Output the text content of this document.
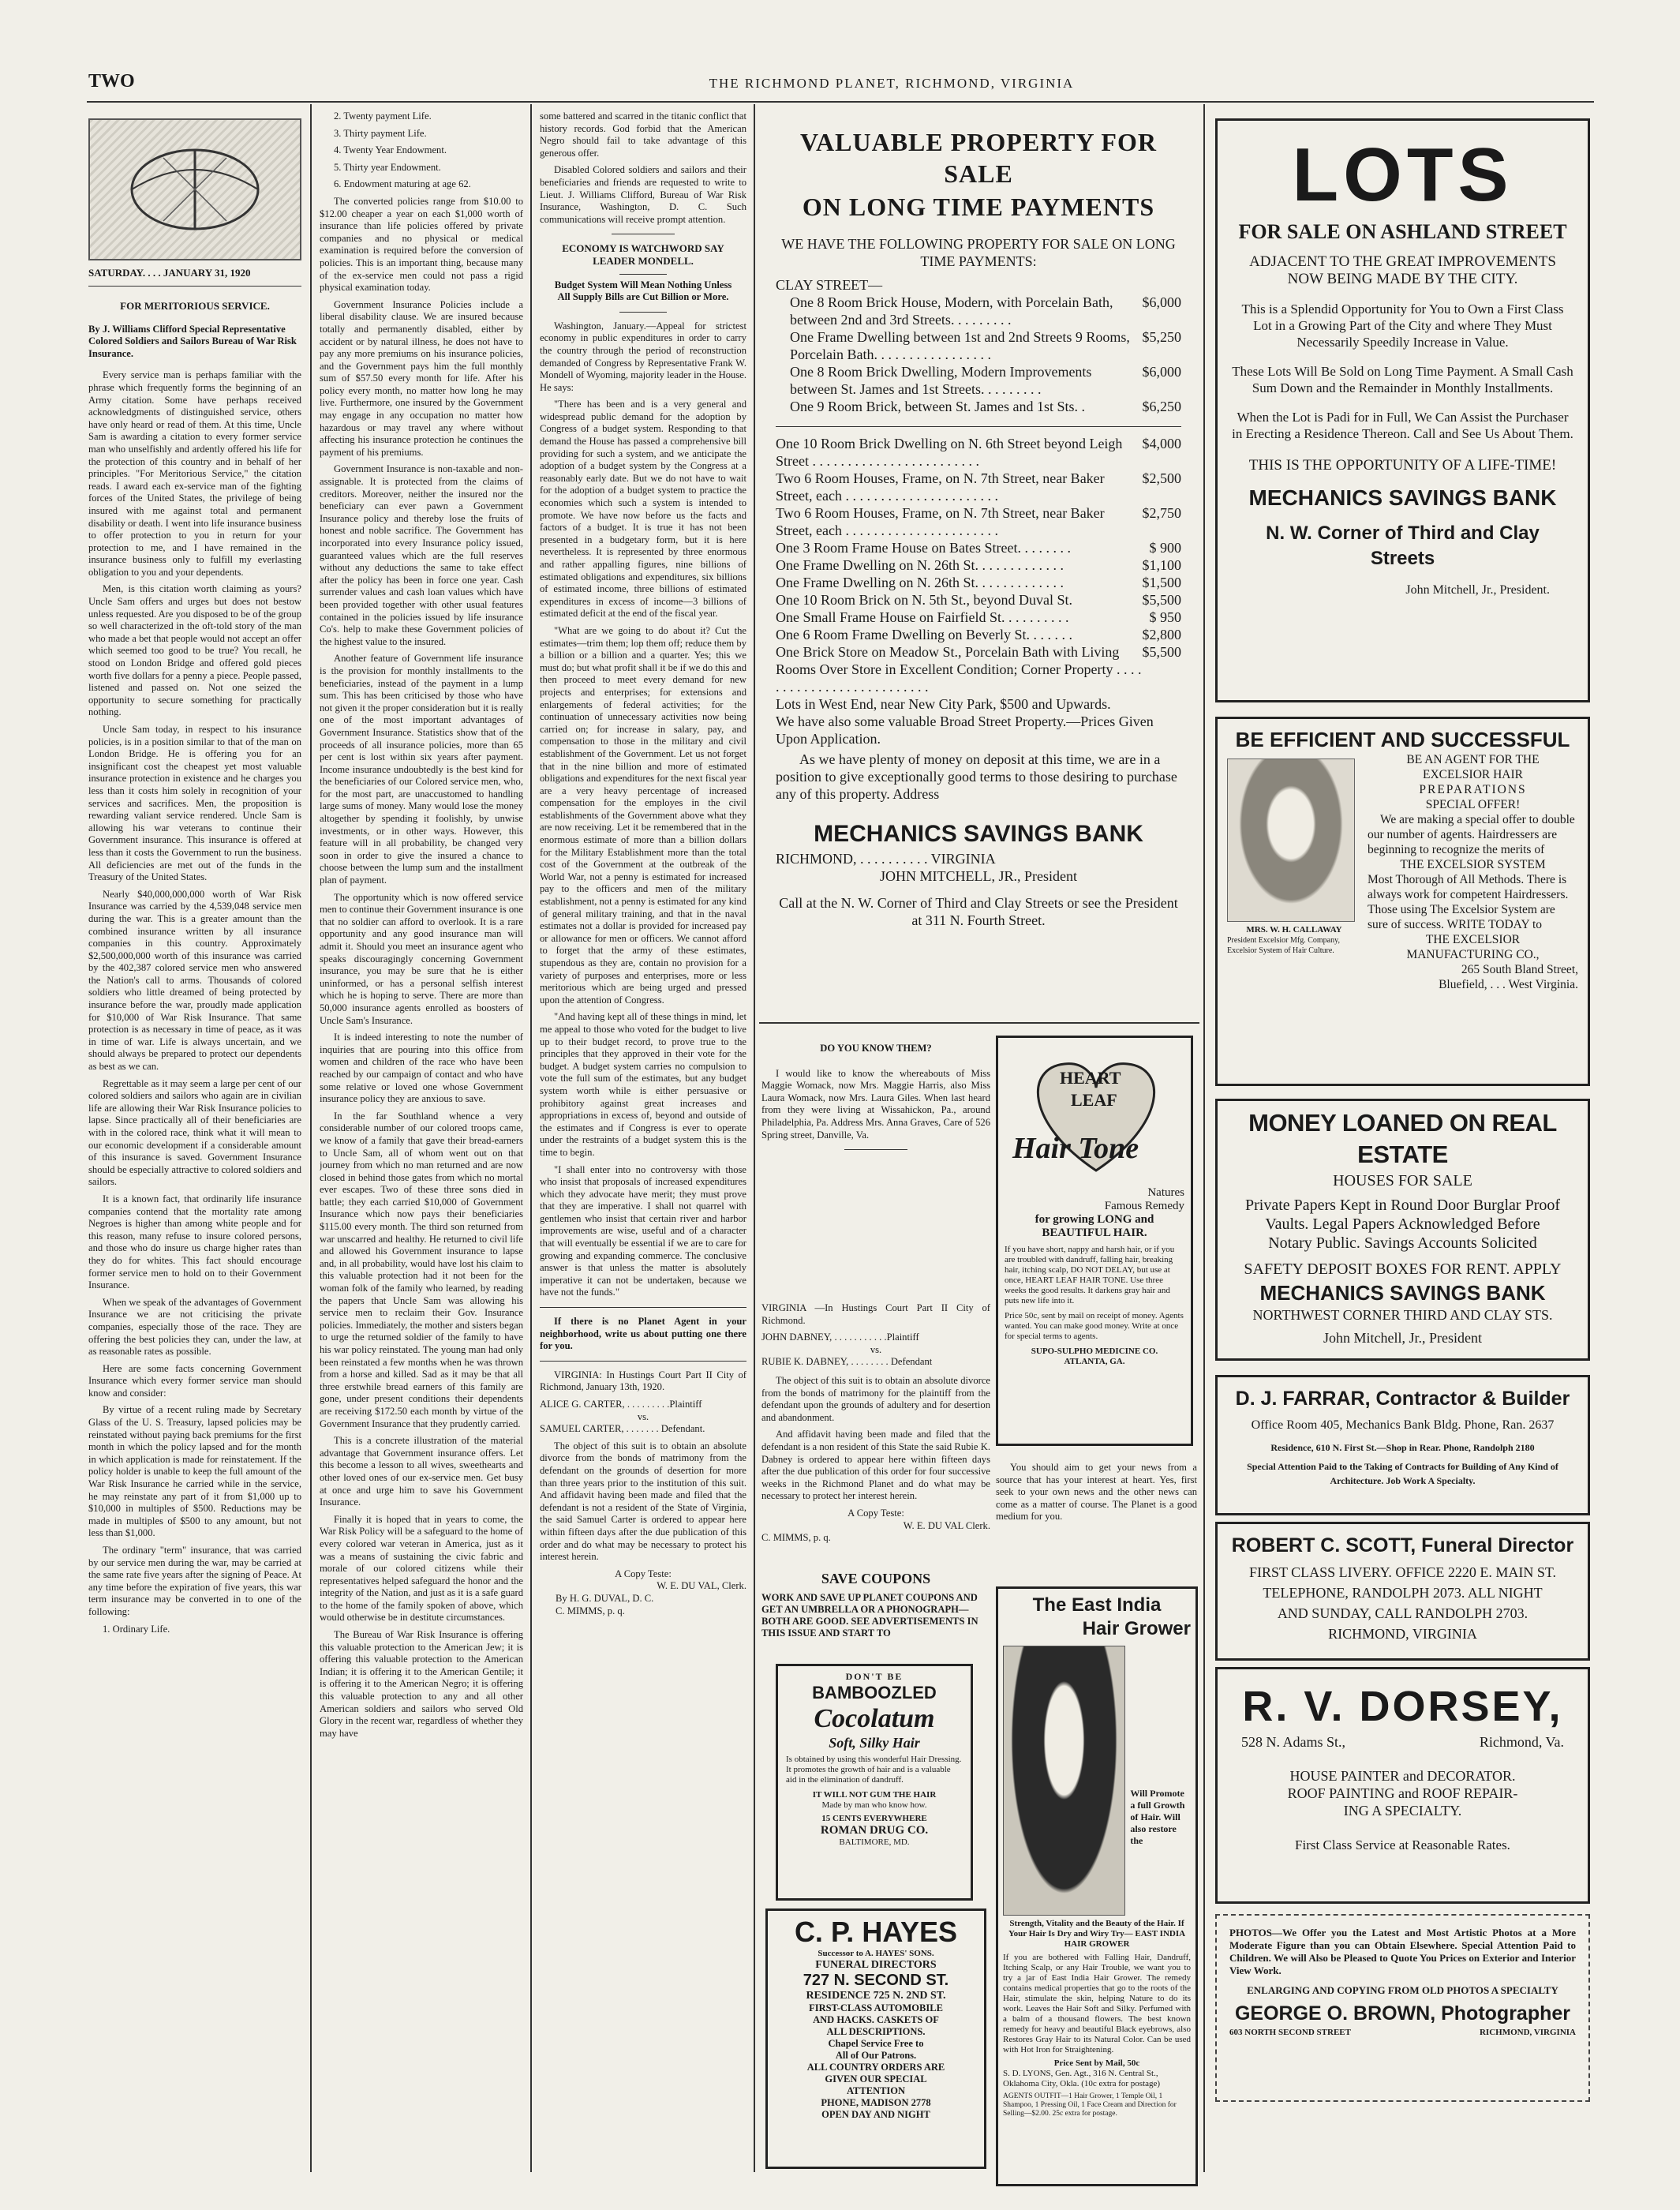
TWO	THE RICHMOND PLANET, RICHMOND, VIRGINIA
SATURDAY. . . . JANUARY 31, 1920
FOR MERITORIOUS SERVICE.
By J. Williams Clifford Special Representative Colored Soldiers and Sailors Bureau of War Risk Insurance.

Every service man is perhaps familiar with the phrase which frequently forms the beginning of an Army citation. Some have perhaps received acknowledgments of distinguished service, others have only heard or read of them. At this time, Uncle Sam is awarding a citation to every former service man who unselfishly and ardently offered his life for the protection of this country and in behalf of her principles. "For Meritorious Service," the citation reads. I award each ex-service man of the fighting forces of the United States, the privilege of being insured with me against total and permanent disability or death. I went into life insurance business to offer protection to you in return for your protection to me, and I have remained in the insurance business only to fulfill my everlasting obligation to you and your dependents.

Men, is this citation worth claiming as yours? Uncle Sam offers and urges but does not bestow unless requested. Are you disposed to be of the group so well characterized in the oft-told story of the man who made a bet that people would not accept an offer which seemed too good to be true? You recall, he stood on London Bridge and offered gold pieces worth five dollars for a penny a piece. People passed, listened and passed on. Not one seized the opportunity to secure something for practically nothing.

Uncle Sam today, in respect to his insurance policies, is in a position similar to that of the man on London Bridge. He is offering you for an insignificant cost the cheapest yet most valuable insurance protection in existence and he charges you less than it costs him solely in recognition of your services and sacrifices. Men, the proposition is rewarding valiant service rendered. Uncle Sam is allowing his war veterans to continue their Government insurance. This insurance is offered at less than it costs the Government to run the business. All deficiencies are met out of the funds in the Treasury of the United States.

Nearly $40,000,000,000 worth of War Risk Insurance was carried by the 4,539,048 service men during the war. This is a greater amount than the combined insurance written by all insurance companies in this country. Approximately $2,500,000,000 worth of this insurance was carried by the 402,387 colored service men who answered the Nation's call to arms. Thousands of colored soldiers who little dreamed of being protected by insurance before the war, proudly made application for $10,000 of War Risk Insurance. That same protection is as necessary in time of peace, as it was in time of war. Life is always uncertain, and we should always be prepared to protect our dependents as best as we can.

Regrettable as it may seem a large per cent of our colored soldiers and sailors who again are in civilian life are allowing their War Risk Insurance policies to lapse. Since practically all of their beneficiaries are with in the colored race, think what it will mean to our economic development if a considerable amount of this insurance is saved. Government Insurance should be especially attractive to colored soldiers and sailors.

It is a known fact, that ordinarily life insurance companies contend that the mortality rate among Negroes is higher than among white people and for this reason, many refuse to insure colored persons, and those who do insure us charge higher rates than they do for whites. This fact should encourage former service men to hold on to their Government Insurance.

When we speak of the advantages of Government Insurance we are not criticising the private companies, especially those of the race. They are offering the best policies they can, under the law, at as reasonable rates as possible.

Here are some facts concerning Government Insurance which every former service man should know and consider:

By virtue of a recent ruling made by Secretary Glass of the U. S. Treasury, lapsed policies may be reinstated without paying back premiums for the first month in which the policy lapsed and for the month in which application is made for reinstatement. If the policy holder is unable to keep the full amount of the War Risk Insurance he carried while in the service, he may reinstate any part of it from $1,000 up to $10,000 in multiples of $500. Reductions may be made in multiples of $500 to any amount, but not less than $1,000.

The ordinary "term" insurance, that was carried by our service men during the war, may be carried at the same rate five years after the signing of Peace. At any time before the expiration of five years, this war term insurance may be converted in to one of the following:

1. Ordinary Life.

2. Twenty payment Life.

3. Thirty payment Life.

4. Twenty Year Endowment.

5. Thirty year Endowment.

6. Endowment maturing at age 62.

The converted policies range from $10.00 to $12.00 cheaper a year on each $1,000 worth of insurance than life policies offered by private companies and no physical or medical examination is required before the conversion of policies. This is an important thing, because many of the ex-service men could not pass a rigid physical examination today.

Government Insurance Policies include a liberal disability clause. We are insured because totally and permanently disabled, either by accident or by natural illness, he does not have to pay any more premiums on his insurance policies, and the Government pays him the full monthly sum of $57.50 every month for life. After his policy every month, no matter how long he may live. Furthermore, one insured by the Government may engage in any occupation no matter how hazardous or may travel any where without affecting his insurance protection he continues the payment of his premiums.

Government Insurance is non-taxable and non-assignable. It is protected from the claims of creditors. Moreover, neither the insured nor the beneficiary can ever pawn a Government Insurance policy and thereby lose the fruits of honest and noble sacrifice. The Government has incorporated into every Insurance policy issued, guaranteed values which are the full reserves without any deductions the same to take effect after the policy has been in force one year. Cash surrender values and cash loan values which have been provided together with other usual features contained in the policies issued by life insurance Co's. help to make these Government policies of the highest value to the insured.

Another feature of Government life insurance is the provision for monthly installments to the beneficiaries, instead of the payment in a lump sum. This has been criticised by those who have not given it the proper consideration but it is really one of the most important advantages of Government Insurance. Statistics show that of the proceeds of all insurance policies, more than 65 per cent is lost within six years after payment. Income insurance undoubtedly is the best kind for the beneficiaries of our Colored service men, who, for the most part, are unaccustomed to handling large sums of money. Many would lose the money altogether by spending it foolishly, by unwise investments, or in other ways. However, this feature will in all probability, be changed very soon in order to give the insured a chance to choose between the lump sum and the installment plan of payment.

The opportunity which is now offered service men to continue their Government insurance is one that no soldier can afford to overlook. It is a rare opportunity and any good insurance man will admit it. Should you meet an insurance agent who speaks discouragingly concerning Government insurance, you may be sure that he is either uninformed, or has a personal selfish interest which he is hoping to serve. There are more than 50,000 insurance agents enrolled as boosters of Uncle Sam's Insurance.

It is indeed interesting to note the number of inquiries that are pouring into this office from women and children of the race who have been reached by our campaign of contact and who have some relative or loved one whose Government insurance policy they are anxious to save.

In the far Southland whence a very considerable number of our colored troops came, we know of a family that gave their bread-earners to Uncle Sam, all of whom went out on that journey from which no man returned and are now closed in behind those gates from which no mortal ever escapes. Two of these three sons died in battle; they each carried $10,000 of Government Insurance which now pays their beneficiaries $115.00 every month. The third son returned from war unscarred and healthy. He returned to civil life and allowed his Government insurance to lapse and, in all probability, would have lost his claim to this valuable protection had it not been for the woman folk of the family who learned, by reading the papers that Uncle Sam was allowing his service men to reclaim their Gov. Insurance policies. Immediately, the mother and sisters began to urge the returned soldier of the family to have his war policy reinstated. The young man had only been reinstated a few months when he was thrown from a horse and killed. Sad as it may be that all three erstwhile bread earners of this family are gone, under present conditions their dependents are receiving $172.50 each month by virtue of the Government Insurance that they prudently carried.

This is a concrete illustration of the material advantage that Government insurance offers. Let this become a lesson to all wives, sweethearts and other loved ones of our ex-service men. Get busy at once and urge him to save his Government Insurance.

Finally it is hoped that in years to come, the War Risk Policy will be a safeguard to the home of every colored war veteran in America, just as it was a means of sustaining the civic fabric and morale of our colored citizens while their representatives helped safeguard the honor and the integrity of the Nation, and just as it is a safe guard to the home of the family spoken of above, which would otherwise be in destitute circumstances.

The Bureau of War Risk Insurance is offering this valuable protection to the American Jew; it is offering this valuable protection to the American Indian; it is offering it to the American Gentile; it is offering it to the American Negro; it is offering this valuable protection to any and all other American soldiers and sailors who served Old Glory in the recent war, regardless of whether they may have

some battered and scarred in the titanic conflict that history records. God forbid that the American Negro should fail to take advantage of this generous offer.

Disabled Colored soldiers and sailors and their beneficiaries and friends are requested to write to Lieut. J. Williams Clifford, Bureau of War Risk Insurance, Washington, D. C. Such communications will receive prompt attention.

ECONOMY IS WATCHWORD SAY LEADER MONDELL.
Budget System Will Mean Nothing Unless All Supply Bills are Cut Billion or More.

Washington, January.—Appeal for strictest economy in public expenditures in order to carry the country through the period of reconstruction demanded of Congress by Representative Frank W. Mondell of Wyoming, majority leader in the House. He says:

"There has been and is a very general and widespread public demand for the adoption by Congress of a budget system. Responding to that demand the House has passed a comprehensive bill providing for such a system, and we anticipate the adoption of a budget system by the Congress at a reasonably early date. But we do not have to wait for the adoption of a budget system to practice the economies which such a system is intended to promote. We have now before us the facts and factors of a budget. It is true it has not been presented in a budgetary form, but it is here nevertheless. It is represented by three enormous and rather appalling figures, nine billions of estimated obligations and expenditures, six billions of estimated income, three billions of estimated expenditures in excess of income—3 billions of estimated deficit at the end of the fiscal year.

"What are we going to do about it? Cut the estimates—trim them; lop them off; reduce them by a billion or a billion and a quarter. Yes; this we must do; but what profit shall it be if we do this and then proceed to meet every demand for new projects and enterprises; for extensions and enlargements of federal activities; for the continuation of unnecessary activities now being carried on; for increase in salary, pay, and compensation to those in the military and civil establishment of the Government. Let us not forget that in the nine billion and more of estimated obligations and expenditures for the next fiscal year are a very heavy percentage of increased compensation for the employes in the civil establishments of the Government above what they are now receiving. Let it be remembered that in the enormous estimate of more than a billion dollars for the Military Establishment more than the total cost of the Government at the outbreak of the World War, not a penny is estimated for increased pay to the officers and men of the military establishment, not a penny is estimated for any kind of general military training, and that in the naval estimates not a dollar is provided for increased pay or allowance for men or officers. We cannot afford to forget that the army of these estimates, stupendous as they are, contain no provision for a variety of purposes and enterprises, more or less meritorious which are being urged and pressed upon the attention of Congress.

"And having kept all of these things in mind, let me appeal to those who voted for the budget to live up to their budget record, to prove true to the principles that they approved in their vote for the budget. A budget system carries no compulsion to vote the full sum of the estimates, but any budget system worth while is either persuasive or prohibitory against great increases and appropriations in excess of, beyond and outside of the estimates and if Congress is ever to operate under the restraints of a budget system this is the time to begin.

"I shall enter into no controversy with those who insist that proposals of increased expenditures which they advocate have merit; they must prove that they are imperative. I shall not quarrel with gentlemen who insist that certain river and harbor improvements are wise, useful and of a character that will eventually be essential if we are to care for growing and expanding commerce. The conclusive answer is that unless the matter is absolutely imperative it can not be undertaken, because we have not the funds."

If there is no Planet Agent in your neighborhood, write us about putting one there for you.

VIRGINIA: In Hustings Court Part II City of Richmond, January 13th, 1920.

ALICE G. CARTER, . . . . . . . . .Plaintiff
vs.
SAMUEL CARTER, . . . . . . . Defendant.

The object of this suit is to obtain an absolute divorce from the bonds of matrimony from the defendant on the grounds of desertion for more than three years prior to the institution of this suit. And affidavit having been made and filed that the defendant is not a resident of the State of Virginia, the said Samuel Carter is ordered to appear here within fifteen days after the due publication of this order and do what may be necessary to protect his interest herein.

A Copy Teste:
W. E. DU VAL, Clerk.
By H. G. DUVAL, D. C.
C. MIMMS, p. q.
VALUABLE PROPERTY FOR SALE
ON LONG TIME PAYMENTS
WE HAVE THE FOLLOWING PROPERTY FOR SALE ON LONG TIME PAYMENTS:
CLAY STREET—
One 8 Room Brick House, Modern, with Porcelain Bath, between 2nd and 3rd Streets. . . . . . . . .
$6,000
One Frame Dwelling between 1st and 2nd Streets 9 Rooms, Porcelain Bath. . . . . . . . . . . . . . . . .
$5,250
One 8 Room Brick Dwelling, Modern Improvements between St. James and 1st Streets. . . . . . . . .
$6,000
One 9 Room Brick, between St. James and 1st Sts. .	$6,250
One 10 Room Brick Dwelling on N. 6th Street beyond Leigh Street . . . . . . . . . . . . . . . . . . . . . . . .
$4,000
Two 6 Room Houses, Frame, on N. 7th Street, near Baker Street, each . . . . . . . . . . . . . . . . . . . . . .
$2,500
Two 6 Room Houses, Frame, on N. 7th Street, near Baker Street, each . . . . . . . . . . . . . . . . . . . . . .
$2,750
One 3 Room Frame House on Bates Street. . . . . . . .	$ 900
One Frame Dwelling on N. 26th St. . . . . . . . . . . . .	$1,100
One Frame Dwelling on N. 26th St. . . . . . . . . . . . .	$1,500
One 10 Room Brick on N. 5th St., beyond Duval St.	$5,500
One Small Frame House on Fairfield St. . . . . . . . . .	$ 950
One 6 Room Frame Dwelling on Beverly St. . . . . . .	$2,800
One Brick Store on Meadow St., Porcelain Bath with Living Rooms Over Store in Excellent Condition; Corner Property . . . . . . . . . . . . . . . . . . . . . . . . . .
$5,500
Lots in West End, near New City Park, $500 and Upwards.
We have also some valuable Broad Street Property.—Prices Given Upon Application.
As we have plenty of money on deposit at this time, we are in a position to give exceptionally good terms to those desiring to purchase any of this property. Address
MECHANICS SAVINGS BANK
RICHMOND, . . . . . . . . . . VIRGINIA
JOHN MITCHELL, JR., President
Call at the N. W. Corner of Third and Clay Streets or see the President at 311 N. Fourth Street.
DO YOU KNOW THEM?

I would like to know the whereabouts of Miss Maggie Womack, now Mrs. Maggie Harris, also Miss Laura Womack, now Mrs. Laura Giles. When last heard from they were living at Wissahickon, Pa., around Philadelphia, Pa. Address Mrs. Anna Graves, Care of 526 Spring street, Danville, Va.

VIRGINIA —In Hustings Court Part II City of Richmond.

JOHN DABNEY, . . . . . . . . . . .Plaintiff
vs.
RUBIE K. DABNEY, . . . . . . . . Defendant

The object of this suit is to obtain an absolute divorce from the bonds of matrimony for the plaintiff from the defendant upon the grounds of adultery and for desertion and abandonment.

And affidavit having been made and filed that the defendant is a non resident of this State the said Rubie K. Dabney is ordered to appear here within fifteen days after the due publication of this order for four successive weeks in the Richmond Planet and do what may be necessary to protect her interest herein.

A Copy Teste:
W. E. DU VAL Clerk.
C. MIMMS, p. q.
HEART
LEAF
Hair Tone
Natures
Famous Remedy
for growing LONG and
BEAUTIFUL HAIR.
If you have short, nappy and harsh hair, or if you are troubled with dandruff, falling hair, breaking hair, itching scalp, DO NOT DELAY, but use at once, HEART LEAF HAIR TONE. Use three weeks the good results. It darkens gray hair and puts new life into it.
Price 50c, sent by mail on receipt of money. Agents wanted. You can make good money. Write at once for special terms to agents.
SUPO-SULPHO MEDICINE CO.
ATLANTA, GA.

You should aim to get your news from a source that has your interest at heart. Yes, first seek to your own news and the other news can come as a matter of course. The Planet is a good medium for you.

SAVE COUPONS
WORK AND SAVE UP PLANET COUPONS AND GET AN UMBRELLA OR A PHONOGRAPH—BOTH ARE GOOD. SEE ADVERTISEMENTS IN THIS ISSUE AND START TO
DON'T BE
BAMBOOZLED
Cocolatum
Soft, Silky Hair
Is obtained by using this wonderful Hair Dressing. It promotes the growth of hair and is a valuable aid in the elimination of dandruff.
IT WILL NOT GUM THE HAIR
Made by man who know how.
15 CENTS EVERYWHERE
ROMAN DRUG CO.
BALTIMORE, MD.
C. P. HAYES
Successor to A. HAYES' SONS.
FUNERAL DIRECTORS
727 N. SECOND ST.
RESIDENCE 725 N. 2ND ST.
FIRST-CLASS AUTOMOBILE
AND HACKS. CASKETS OF
ALL DESCRIPTIONS.
Chapel Service Free to
All of Our Patrons.
ALL COUNTRY ORDERS ARE
GIVEN OUR SPECIAL
ATTENTION
PHONE, MADISON 2778
OPEN DAY AND NIGHT
The East India
Hair Grower
Will Promote a full Growth of Hair. Will also restore the
Strength, Vitality and the Beauty of the Hair. If Your Hair Is Dry and Wiry Try— EAST INDIA HAIR GROWER
If you are bothered with Falling Hair, Dandruff, Itching Scalp, or any Hair Trouble, we want you to try a jar of East India Hair Grower. The remedy contains medical properties that go to the roots of the Hair, stimulate the skin, helping Nature to do its work. Leaves the Hair Soft and Silky. Perfumed with a balm of a thousand flowers. The best known remedy for heavy and beautiful Black eyebrows, also Restores Gray Hair to its Natural Color. Can be used with Hot Iron for Straightening.
Price Sent by Mail, 50c
S. D. LYONS, Gen. Agt., 316 N. Central St., Oklahoma City, Okla. (10c extra for postage)
AGENTS OUTFIT—1 Hair Grower, 1 Temple Oil, 1 Shampoo, 1 Pressing Oil, 1 Face Cream and Direction for Selling—$2.00. 25c extra for postage.
LOTS
FOR SALE ON ASHLAND STREET
ADJACENT TO THE GREAT IMPROVEMENTS
NOW BEING MADE BY THE CITY.
This is a Splendid Opportunity for You to Own a First Class Lot in a Growing Part of the City and where They Must Necessarily Speedily Increase in Value.
These Lots Will Be Sold on Long Time Payment. A Small Cash Sum Down and the Remainder in Monthly Installments.
When the Lot is Padi for in Full, We Can Assist the Purchaser in Erecting a Residence Thereon. Call and See Us About Them.
THIS IS THE OPPORTUNITY OF A LIFE-TIME!
MECHANICS SAVINGS BANK
N. W. Corner of Third and Clay Streets
John Mitchell, Jr., President.
BE EFFICIENT AND SUCCESSFUL
MRS. W. H. CALLAWAY
President Excelsior Mfg. Company, Excelsior System of Hair Culture.
BE AN AGENT FOR THE
EXCELSIOR HAIR
PREPARATIONS
SPECIAL OFFER!
We are making a special offer to double our number of agents. Hairdressers are beginning to recognize the merits of
THE EXCELSIOR SYSTEM
Most Thorough of All Methods. There is always work for competent Hairdressers. Those using The Excelsior System are sure of success. WRITE TODAY to
THE EXCELSIOR
MANUFACTURING CO.,
265 South Bland Street,
Bluefield, . . . West Virginia.
MONEY LOANED ON REAL ESTATE
HOUSES FOR SALE
Private Papers Kept in Round Door Burglar Proof
Vaults. Legal Papers Acknowledged Before
Notary Public. Savings Accounts Solicited
SAFETY DEPOSIT BOXES FOR RENT. APPLY
MECHANICS SAVINGS BANK
NORTHWEST CORNER THIRD AND CLAY STS.
John Mitchell, Jr., President
D. J. FARRAR, Contractor & Builder
Office Room 405, Mechanics Bank Bldg. Phone, Ran. 2637
Residence, 610 N. First St.—Shop in Rear. Phone, Randolph 2180
Special Attention Paid to the Taking of Contracts for Building of Any Kind of Architecture. Job Work A Specialty.
ROBERT C. SCOTT, Funeral Director
FIRST CLASS LIVERY. OFFICE 2220 E. MAIN ST.
TELEPHONE, RANDOLPH 2073. ALL NIGHT
AND SUNDAY, CALL RANDOLPH 2703.
RICHMOND, VIRGINIA
R. V. DORSEY,
528 N. Adams St.,	Richmond, Va.
HOUSE PAINTER and DECORATOR.
ROOF PAINTING and ROOF REPAIR-
ING A SPECIALTY.
First Class Service at Reasonable Rates.
PHOTOS—We Offer you the Latest and Most Artistic Photos at a More Moderate Figure than you can Obtain Elsewhere. Special Attention Paid to Children. We will Also be Pleased to Quote You Prices on Exterior and Interior View Work.
ENLARGING AND COPYING FROM OLD PHOTOS A SPECIALTY
GEORGE O. BROWN, Photographer
603 NORTH SECOND STREET	RICHMOND, VIRGINIA
